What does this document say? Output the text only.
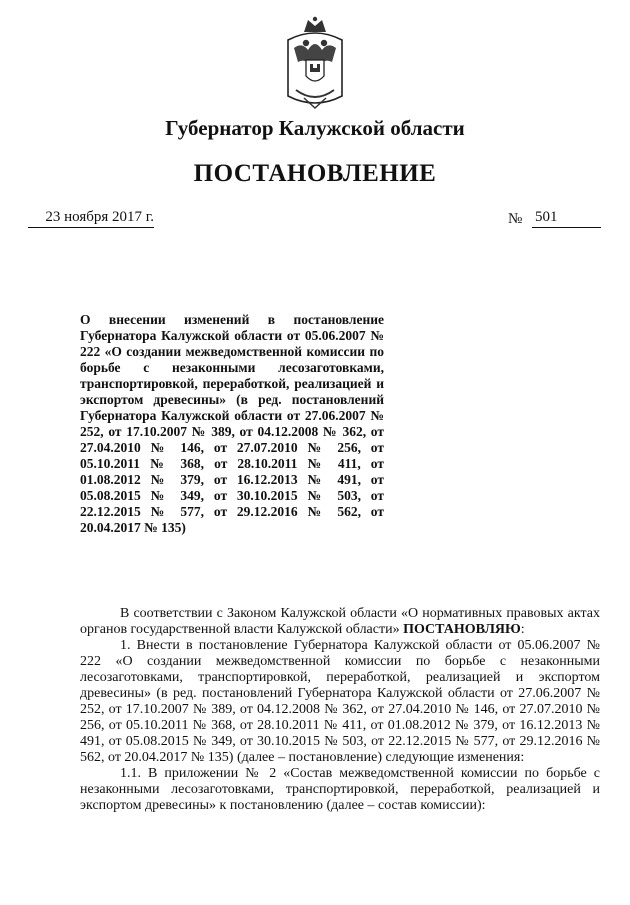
Губернатор Калужской области
ПОСТАНОВЛЕНИЕ
23 ноября 2017 г.	№ 501
О внесении изменений в постановление Губернатора Калужской области от 05.06.2007 № 222 «О создании межведомственной комиссии по борьбе с незаконными лесозаготовками, транспортировкой, переработкой, реализацией и экспортом древесины» (в ред. постановлений Губернатора Калужской области от 27.06.2007 № 252, от 17.10.2007 № 389, от 04.12.2008 № 362, от 27.04.2010 № 146, от 27.07.2010 № 256, от 05.10.2011 № 368, от 28.10.2011 № 411, от 01.08.2012 № 379, от 16.12.2013 № 491, от 05.08.2015 № 349, от 30.10.2015 № 503, от 22.12.2015 № 577, от 29.12.2016 № 562, от 20.04.2017 № 135)

В соответствии с Законом Калужской области «О нормативных правовых актах органов государственной власти Калужской области» ПОСТАНОВЛЯЮ:

1. Внести в постановление Губернатора Калужской области от 05.06.2007 № 222 «О создании межведомственной комиссии по борьбе с незаконными лесозаготовками, транспортировкой, переработкой, реализацией и экспортом древесины» (в ред. постановлений Губернатора Калужской области от 27.06.2007 № 252, от 17.10.2007 № 389, от 04.12.2008 № 362, от 27.04.2010 № 146, от 27.07.2010 № 256, от 05.10.2011 № 368, от 28.10.2011 № 411, от 01.08.2012 № 379, от 16.12.2013 № 491, от 05.08.2015 № 349, от 30.10.2015 № 503, от 22.12.2015 № 577, от 29.12.2016 № 562, от 20.04.2017 № 135) (далее – постановление) следующие изменения:

1.1. В приложении № 2 «Состав межведомственной комиссии по борьбе с незаконными лесозаготовками, транспортировкой, переработкой, реализацией и экспортом древесины» к постановлению (далее – состав комиссии):
